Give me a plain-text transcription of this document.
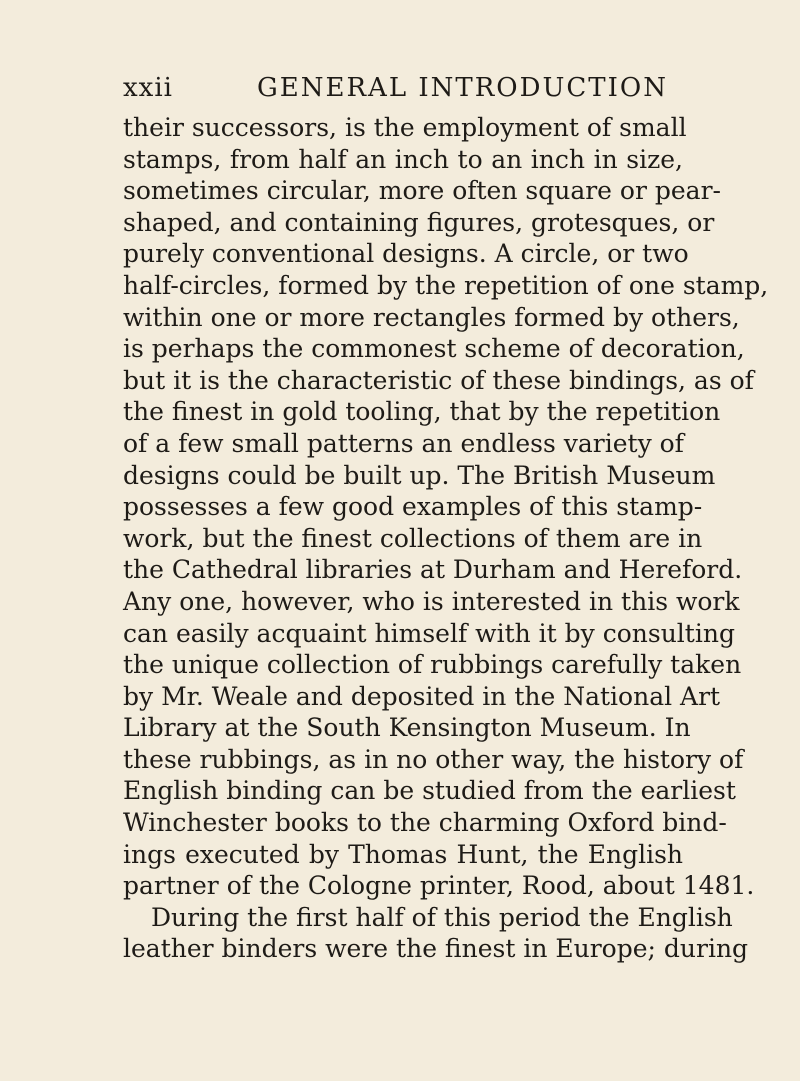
xxii	GENERAL INTRODUCTION
their successors, is the employment of small
stamps, from half an inch to an inch in size,
sometimes circular, more often square or pear-
shaped, and containing figures, grotesques, or
purely conventional designs. A circle, or two
half-circles, formed by the repetition of one stamp,
within one or more rectangles formed by others,
is perhaps the commonest scheme of decoration,
but it is the characteristic of these bindings, as of
the finest in gold tooling, that by the repetition
of a few small patterns an endless variety of
designs could be built up. The British Museum
possesses a few good examples of this stamp-
work, but the finest collections of them are in
the Cathedral libraries at Durham and Hereford.
Any one, however, who is interested in this work
can easily acquaint himself with it by consulting
the unique collection of rubbings carefully taken
by Mr. Weale and deposited in the National Art
Library at the South Kensington Museum. In
these rubbings, as in no other way, the history of
English binding can be studied from the earliest
Winchester books to the charming Oxford bind-
ings executed by Thomas Hunt, the English
partner of the Cologne printer, Rood, about 1481.
During the first half of this period the English
leather binders were the finest in Europe; during
